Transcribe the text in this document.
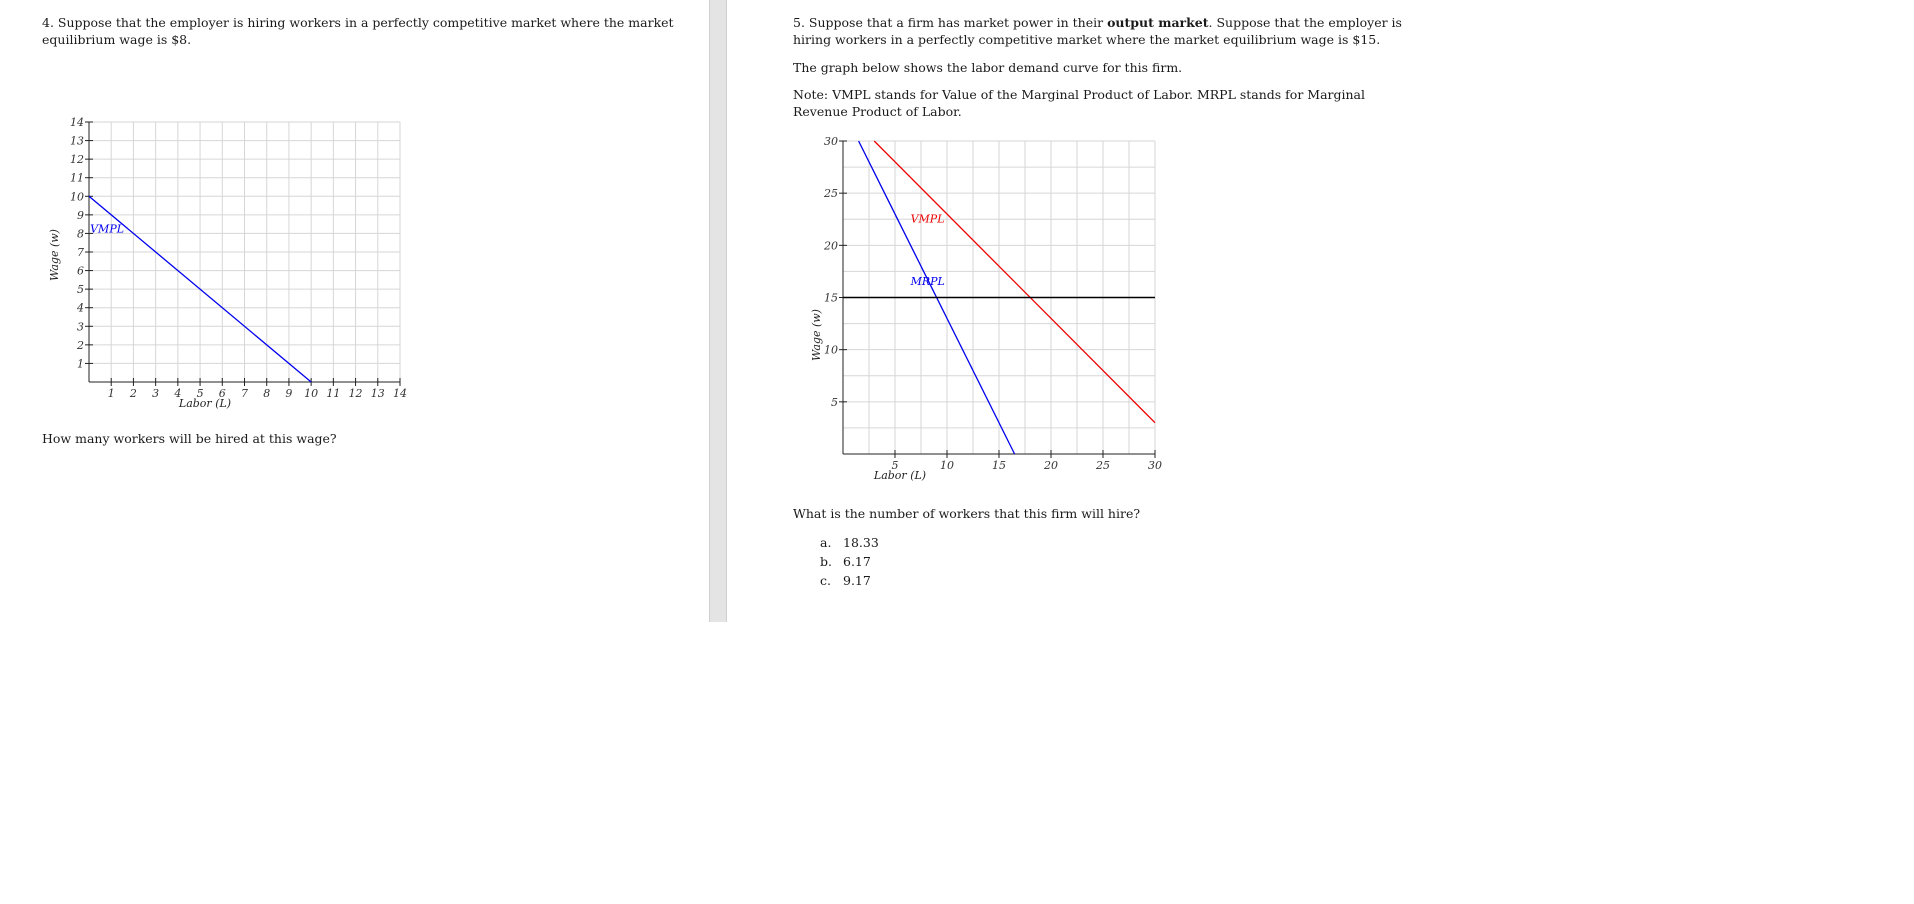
4. Suppose that the employer is hiring workers in a perfectly competitive market where the market equilibrium wage is $8.

1 2 3 4 5 6 7 8 9 10 11 12 13 14
1
2
3
4
5
6
7
8
9
10
11
12
13
14
Labor (L)
Wage (w)
VMPL

How many workers will be hired at this wage?

5. Suppose that a firm has market power in their output market. Suppose that the employer is hiring workers in a perfectly competitive market where the market equilibrium wage is $15.

The graph below shows the labor demand curve for this firm.

Note: VMPL stands for Value of the Marginal Product of Labor. MRPL stands for Marginal Revenue Product of Labor.

5	10	15	20	25	30
5
10
15
20
25
30
Labor (L)
Wage (w)
VMPL
MRPL

What is the number of workers that this firm will hire?

a. 18.33
b. 6.17
c. 9.17
